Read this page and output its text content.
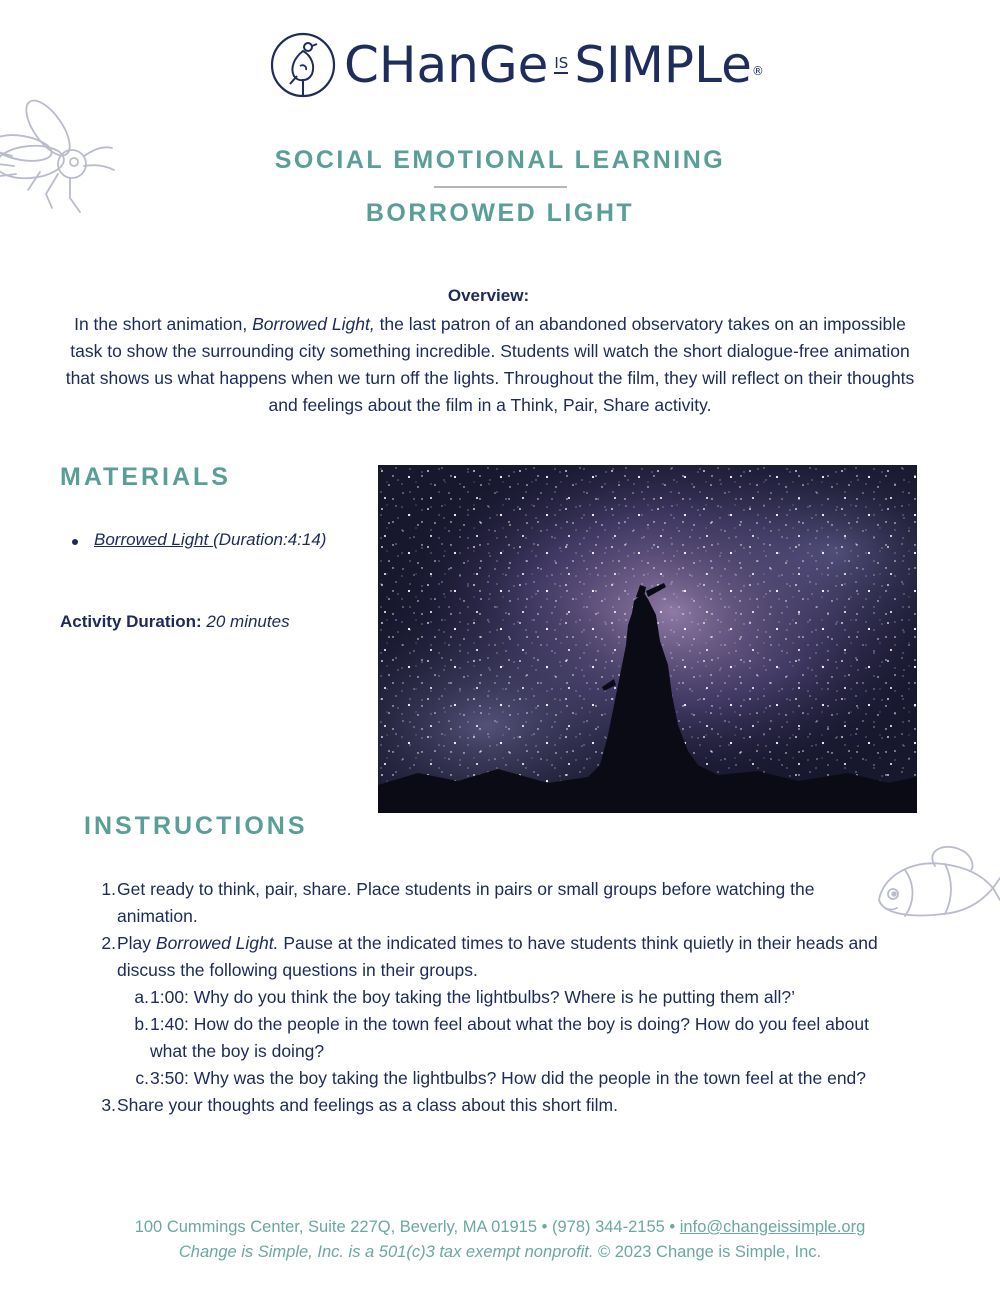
CHanGe IS SIMPLe®
SOCIAL EMOTIONAL LEARNING
BORROWED LIGHT
Overview:
In the short animation, Borrowed Light, the last patron of an abandoned observatory takes on an impossible task to show the surrounding city something incredible. Students will watch the short dialogue-free animation that shows us what happens when we turn off the lights. Throughout the film, they will reflect on their thoughts and feelings about the film in a Think, Pair, Share activity.
MATERIALS
Borrowed Light (Duration:4:14)
Activity Duration: 20 minutes
INSTRUCTIONS
1. Get ready to think, pair, share. Place students in pairs or small groups before watching the animation.
2. Play Borrowed Light. Pause at the indicated times to have students think quietly in their heads and discuss the following questions in their groups.
a. 1:00: Why do you think the boy taking the lightbulbs? Where is he putting them all?’
b. 1:40: How do the people in the town feel about what the boy is doing? How do you feel about what the boy is doing?
c. 3:50: Why was the boy taking the lightbulbs? How did the people in the town feel at the end?
3. Share your thoughts and feelings as a class about this short film.
100 Cummings Center, Suite 227Q, Beverly, MA 01915 • (978) 344-2155 • info@changeissimple.org
Change is Simple, Inc. is a 501(c)3 tax exempt nonprofit. © 2023 Change is Simple, Inc.
